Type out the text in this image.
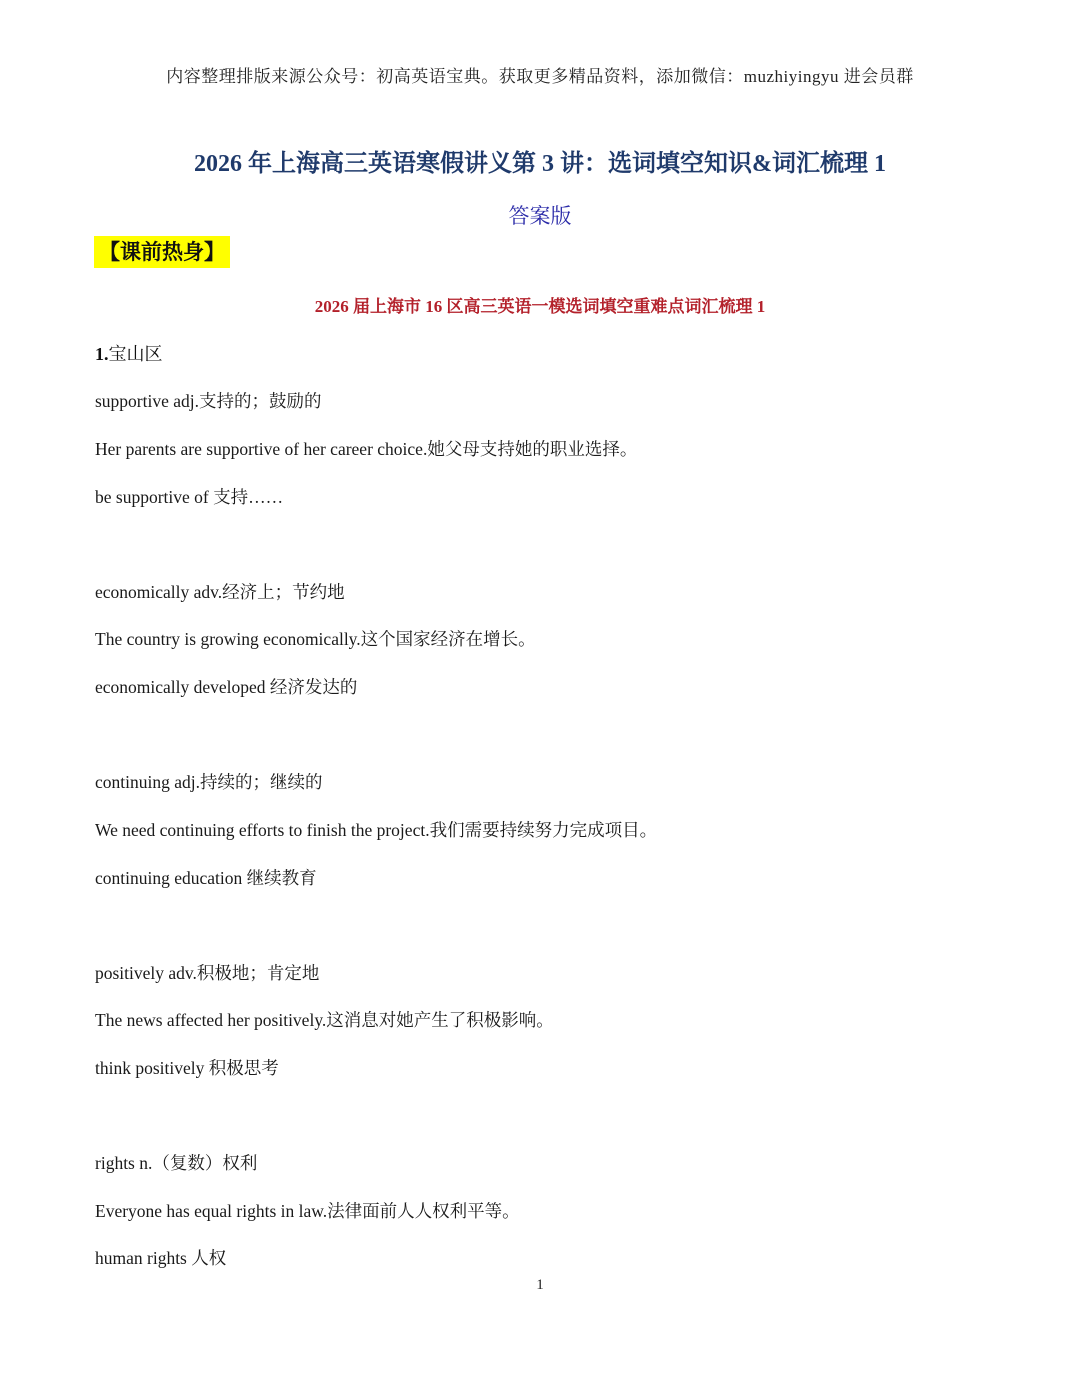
内容整理排版来源公众号：初高英语宝典。获取更多精品资料，添加微信：muzhiyingyu 进会员群
2026 年上海高三英语寒假讲义第 3 讲：选词填空知识&词汇梳理 1
答案版
【课前热身】
2026 届上海市 16 区高三英语一模选词填空重难点词汇梳理 1
1.宝山区
supportive adj.支持的；鼓励的
Her parents are supportive of her career choice.她父母支持她的职业选择。
be supportive of 支持……
economically adv.经济上；节约地
The country is growing economically.这个国家经济在增长。
economically developed 经济发达的
continuing adj.持续的；继续的
We need continuing efforts to finish the project.我们需要持续努力完成项目。
continuing education 继续教育
positively adv.积极地；肯定地
The news affected her positively.这消息对她产生了积极影响。
think positively 积极思考
rights n.（复数）权利
Everyone has equal rights in law.法律面前人人权利平等。
human rights 人权
1
